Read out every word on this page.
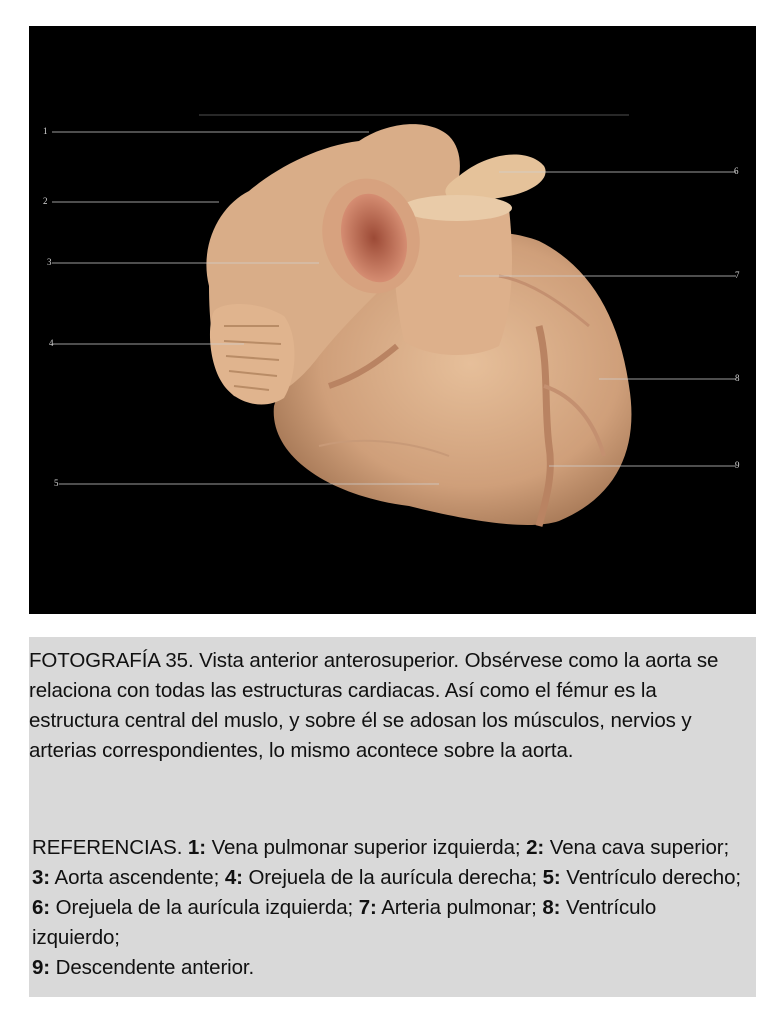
1
2
3
4
5
6
7
8
9
FOTOGRAFÍA 35. Vista anterior anterosuperior. Obsérvese como la aorta se relaciona con todas las estructuras cardiacas. Así como el fémur es la estructura central del muslo, y sobre él se adosan los músculos, nervios y arterias correspondientes, lo mismo acontece sobre la aorta.
REFERENCIAS. 1: Vena pulmonar superior izquierda; 2: Vena cava superior; 3: Aorta ascendente; 4: Orejuela de la aurícula derecha; 5: Ventrículo derecho; 6: Orejuela de la aurícula izquierda; 7: Arteria pulmonar; 8: Ventrículo izquierdo;
9: Descendente anterior.
